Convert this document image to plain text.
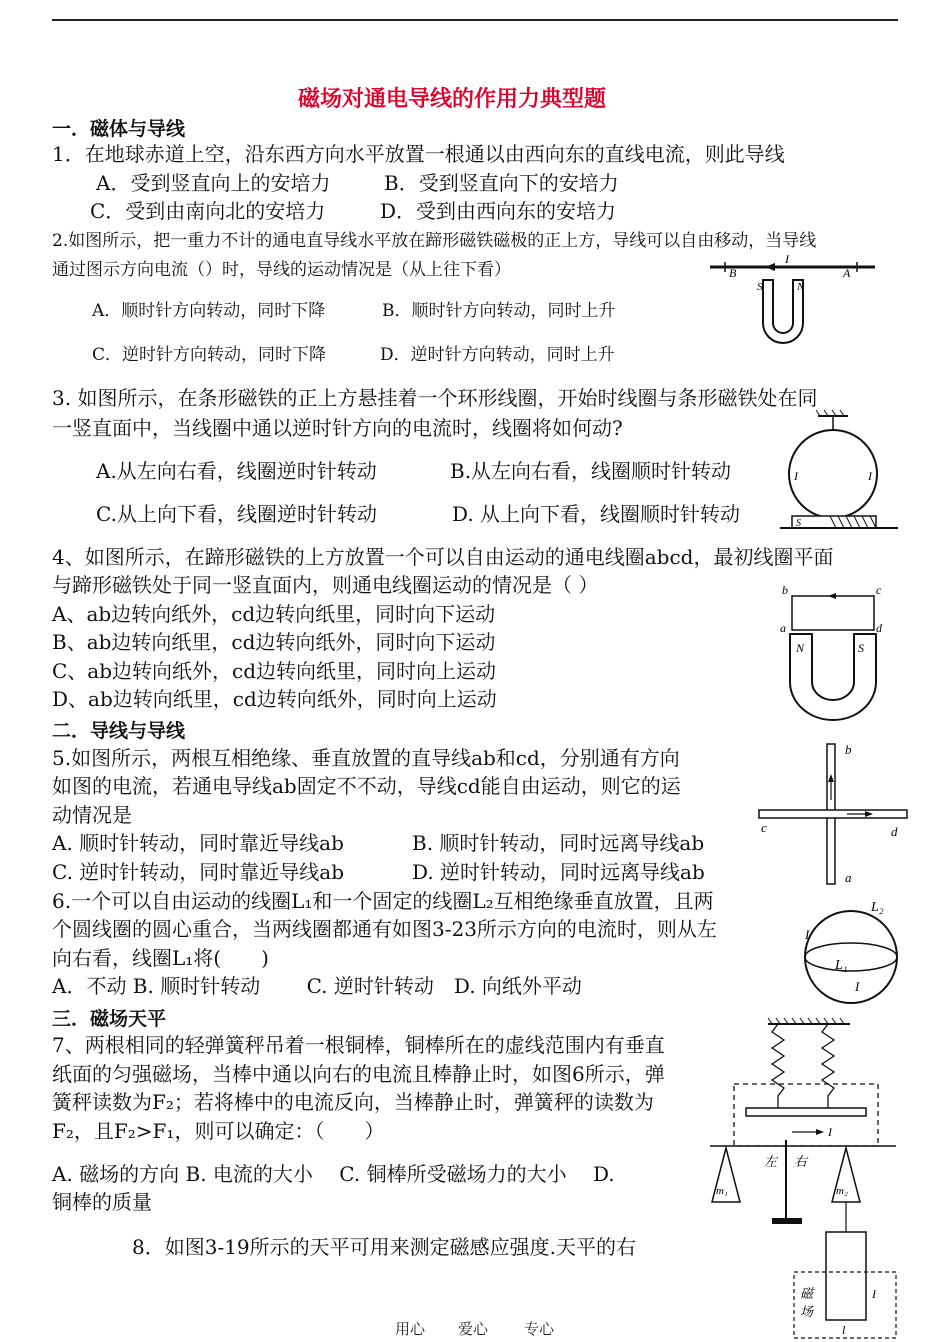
磁场对通电导线的作用力典型题
一．磁体与导线
1．在地球赤道上空，沿东西方向水平放置一根通以由西向东的直线电流，则此导线
A．受到竖直向上的安培力	B．受到竖直向下的安培力
C．受到由南向北的安培力	D．受到由西向东的安培力
2.如图所示，把一重力不计的通电直导线水平放在蹄形磁铁磁极的正上方，导线可以自由移动，当导线
通过图示方向电流（）时，导线的运动情况是（从上往下看）
A．顺时针方向转动，同时下降	B．顺时针方向转动，同时上升
C．逆时针方向转动，同时下降	D．逆时针方向转动，同时上升
B
I
A
S	N
3. 如图所示，在条形磁铁的正上方悬挂着一个环形线圈，开始时线圈与条形磁铁处在同
一竖直面中，当线圈中通以逆时针方向的电流时，线圈将如何动?
A.从左向右看，线圈逆时针转动	B.从左向右看，线圈顺时针转动
C.从上向下看，线圈逆时针转动	D. 从上向下看，线圈顺时针转动
I	I
S
4、如图所示，在蹄形磁铁的上方放置一个可以自由运动的通电线圈abcd，最初线圈平面
与蹄形磁铁处于同一竖直面内，则通电线圈运动的情况是（ ）
A、ab边转向纸外，cd边转向纸里，同时向下运动
B、ab边转向纸里，cd边转向纸外，同时向下运动
C、ab边转向纸外，cd边转向纸里，同时向上运动
D、ab边转向纸里，cd边转向纸外，同时向上运动
b	c
a	d
N	S
二．导线与导线
5.如图所示，两根互相绝缘、垂直放置的直导线ab和cd，分别通有方向
如图的电流，若通电导线ab固定不不动，导线cd能自由运动，则它的运
动情况是
A. 顺时针转动，同时靠近导线ab	B. 顺时针转动，同时远离导线ab
C. 逆时针转动，同时靠近导线ab	D. 逆时针转动，同时远离导线ab
b
a
c	d
6.一个可以自由运动的线圈L₁和一个固定的线圈L₂互相绝缘垂直放置，且两
个圆线圈的圆心重合，当两线圈都通有如图3-23所示方向的电流时，则从左
向右看，线圈L₁将(　　)
A．不动 B. 顺时针转动　　 C. 逆时针转动　D. 向纸外平动
L₂
L₁
I
I
三．磁场天平
7、两根相同的轻弹簧秤吊着一根铜棒，铜棒所在的虚线范围内有垂直
纸面的匀强磁场，当棒中通以向右的电流且棒静止时，如图6所示，弹
簧秤读数为F₂；若将棒中的电流反向，当棒静止时，弹簧秤的读数为
F₂，且F₂>F₁，则可以确定：（　　）
A. 磁场的方向 B. 电流的大小　 C. 铜棒所受磁场力的大小　 D.
铜棒的质量
I
8．如图3-19所示的天平可用来测定磁感应强度.天平的右
左 右
m₁	m₂
磁
场
I
l
用心 爱心 专心
